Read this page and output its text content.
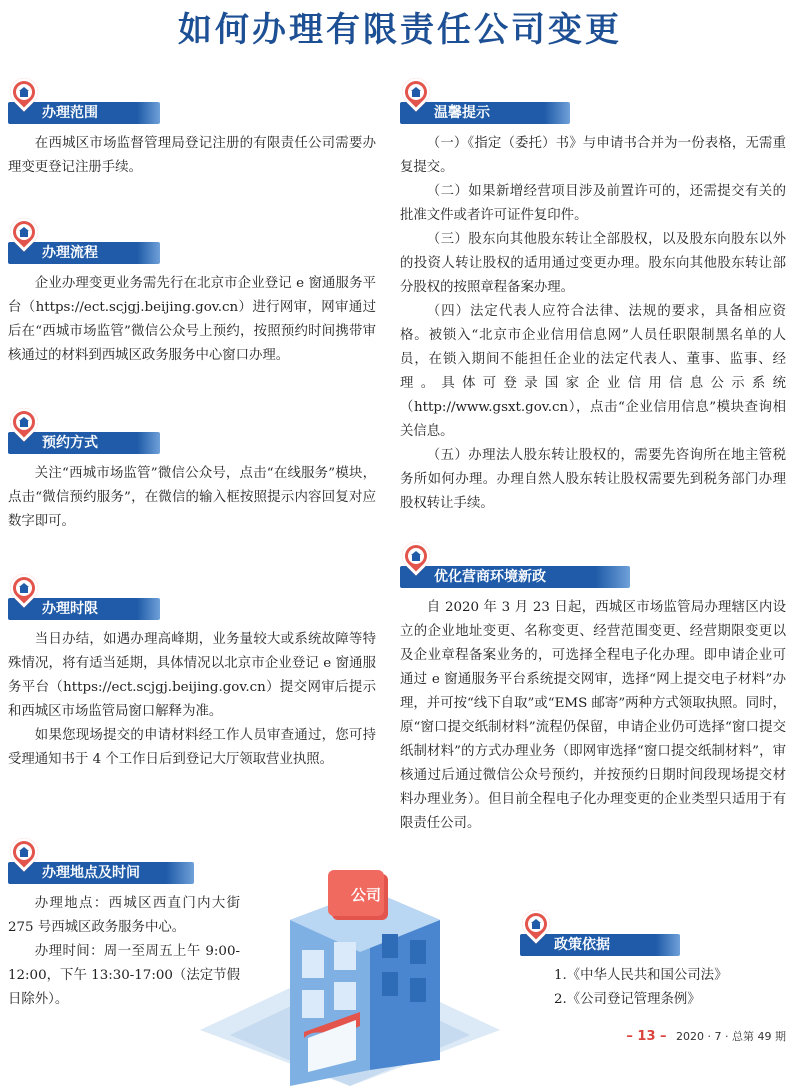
如何办理有限责任公司变更
办理范围

在西城区市场监督管理局登记注册的有限责任公司需要办理变更登记注册手续。

办理流程

企业办理变更业务需先行在北京市企业登记 e 窗通服务平台（https://ect.scjgj.beijing.gov.cn）进行网审，网审通过后在“西城市场监管”微信公众号上预约，按照预约时间携带审核通过的材料到西城区政务服务中心窗口办理。

预约方式

关注“西城市场监管”微信公众号，点击“在线服务”模块，点击“微信预约服务”，在微信的输入框按照提示内容回复对应数字即可。

办理时限

当日办结，如遇办理高峰期，业务量较大或系统故障等特殊情况，将有适当延期，具体情况以北京市企业登记 e 窗通服务平台（https://ect.scjgj.beijing.gov.cn）提交网审后提示和西城区市场监管局窗口解释为准。

如果您现场提交的申请材料经工作人员审查通过，您可持受理通知书于 4 个工作日后到登记大厅领取营业执照。

办理地点及时间

办理地点：西城区西直门内大街 275 号西城区政务服务中心。

办理时间：周一至周五上午 9:00-12:00，下午 13:30-17:00（法定节假日除外）。

温馨提示

（一）《指定（委托）书》与申请书合并为一份表格，无需重复提交。

（二）如果新增经营项目涉及前置许可的，还需提交有关的批准文件或者许可证件复印件。

（三）股东向其他股东转让全部股权，以及股东向股东以外的投资人转让股权的适用通过变更办理。股东向其他股东转让部分股权的按照章程备案办理。

（四）法定代表人应符合法律、法规的要求，具备相应资格。被锁入“北京市企业信用信息网”人员任职限制黑名单的人员，在锁入期间不能担任企业的法定代表人、董事、监事、经理。具体可登录国家企业信用信息公示系统（http://www.gsxt.gov.cn），点击“企业信用信息”模块查询相关信息。

（五）办理法人股东转让股权的，需要先咨询所在地主管税务所如何办理。办理自然人股东转让股权需要先到税务部门办理股权转让手续。

优化营商环境新政

自 2020 年 3 月 23 日起，西城区市场监管局办理辖区内设立的企业地址变更、名称变更、经营范围变更、经营期限变更以及企业章程备案业务的，可选择全程电子化办理。即申请企业可通过 e 窗通服务平台系统提交网审，选择“网上提交电子材料”办理，并可按“线下自取”或“EMS 邮寄”两种方式领取执照。同时，原“窗口提交纸制材料”流程仍保留，申请企业仍可选择“窗口提交纸制材料”的方式办理业务（即网审选择“窗口提交纸制材料”，审核通过后通过微信公众号预约，并按预约日期时间段现场提交材料办理业务）。但目前全程电子化办理变更的企业类型只适用于有限责任公司。

政策依据

1.《中华人民共和国公司法》

2.《公司登记管理条例》

公司
– 13 – 2020 · 7 · 总第 49 期
